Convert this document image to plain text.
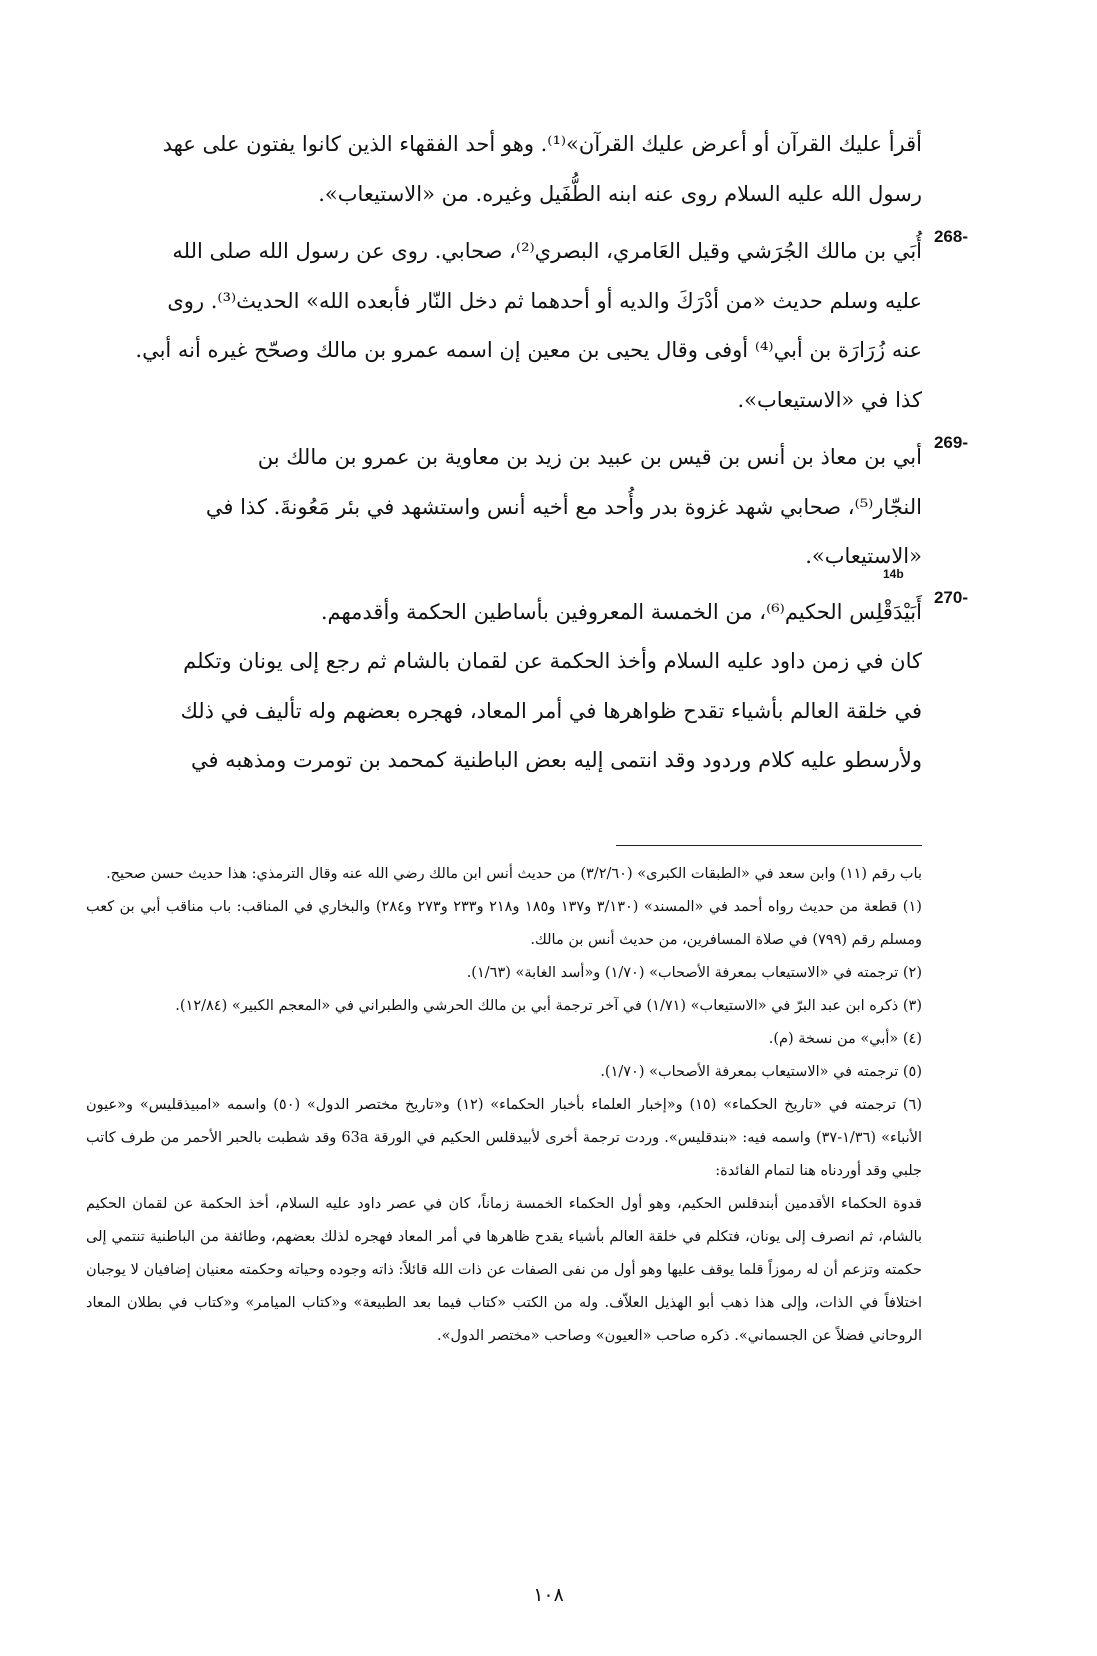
أقرأ عليك القرآن أو أعرض عليك القرآن»⁽¹⁾. وهو أحد الفقهاء الذين كانوا يفتون على عهد

رسول الله عليه السلام روى عنه ابنه الطُّفَيل وغيره. من «الاستيعاب».

268-

أُبَي بن مالك الجُرَشي وقيل العَامري، البصري⁽²⁾، صحابي. روى عن رسول الله صلى الله

عليه وسلم حديث «من أدْرَكَ والديه أو أحدهما ثم دخل النّار فأبعده الله» الحديث⁽³⁾. روى

عنه زُرَارَة بن أبي⁽⁴⁾ أوفى وقال يحيى بن معين إن اسمه عمرو بن مالك وصحّح غيره أنه أبي.

كذا في «الاستيعاب».

269-

أبي بن معاذ بن أنس بن قيس بن عبيد بن زيد بن معاوية بن عمرو بن مالك بن

النجّار⁽⁵⁾، صحابي شهد غزوة بدر وأُحد مع أخيه أنس واستشهد في بئر مَعُونةَ. كذا في

«الاستيعاب».

270-

أَبَيْدَقْلِس الحكيم⁽⁶⁾، من الخمسة المعروفين بأساطين الحكمة وأقدمهم.

كان في زمن داود عليه السلام وأخذ الحكمة عن لقمان بالشام ثم رجع إلى يونان وتكلم

في خلقة العالم بأشياء تقدح ظواهرها في أمر المعاد، فهجره بعضهم وله تأليف في ذلك

ولأرسطو عليه كلام وردود وقد انتمى إليه بعض الباطنية كمحمد بن تومرت ومذهبه في

14b

باب رقم (١١) وابن سعد في «الطبقات الكبرى» (٣/٢/٦٠) من حديث أنس ابن مالك رضي الله عنه وقال الترمذي: هذا حديث حسن صحيح.

(١) قطعة من حديث رواه أحمد في «المسند» (٣/١٣٠ و١٣٧ و١٨٥ و٢١٨ و٢٣٣ و٢٧٣ و٢٨٤) والبخاري في المناقب: باب مناقب أبي بن كعب ومسلم رقم (٧٩٩) في صلاة المسافرين، من حديث أنس بن مالك.

(٢) ترجمته في «الاستيعاب بمعرفة الأصحاب» (١/٧٠) و«أسد الغابة» (١/٦٣).

(٣) ذكره ابن عبد البرّ في «الاستيعاب» (١/٧١) في آخر ترجمة أبي بن مالك الحرشي والطبراني في «المعجم الكبير» (١٢/٨٤).

(٤) «أبي» من نسخة (م).

(٥) ترجمته في «الاستيعاب بمعرفة الأصحاب» (١/٧٠).

(٦) ترجمته في «تاريخ الحكماء» (١٥) و«إخبار العلماء بأخبار الحكماء» (١٢) و«تاريخ مختصر الدول» (٥٠) واسمه «امبيذقليس» و«عيون الأنباء» (١/٣٦-٣٧) واسمه فيه: «بندقليس». وردت ترجمة أخرى لأبيدقلس الحكيم في الورقة 63a وقد شطبت بالحبر الأحمر من طرف كاتب جلبي وقد أوردناه هنا لتمام الفائدة:

قدوة الحكماء الأقدمين أبندقلس الحكيم، وهو أول الحكماء الخمسة زماناً، كان في عصر داود عليه السلام، أخذ الحكمة عن لقمان الحكيم بالشام، ثم انصرف إلى يونان، فتكلم في خلقة العالم بأشياء يقدح ظاهرها في أمر المعاد فهجره لذلك بعضهم، وطائفة من الباطنية تنتمي إلى حكمته وتزعم أن له رموزاً قلما يوقف عليها وهو أول من نفى الصفات عن ذات الله قائلاً: ذاته وجوده وحياته وحكمته معنيان إضافيان لا يوجبان اختلافاً في الذات، وإلى هذا ذهب أبو الهذيل العلاّف. وله من الكتب «كتاب فيما بعد الطبيعة» و«كتاب الميامر» و«كتاب في بطلان المعاد الروحاني فضلاً عن الجسماني». ذكره صاحب «العيون» وصاحب «مختصر الدول».

١٠٨
